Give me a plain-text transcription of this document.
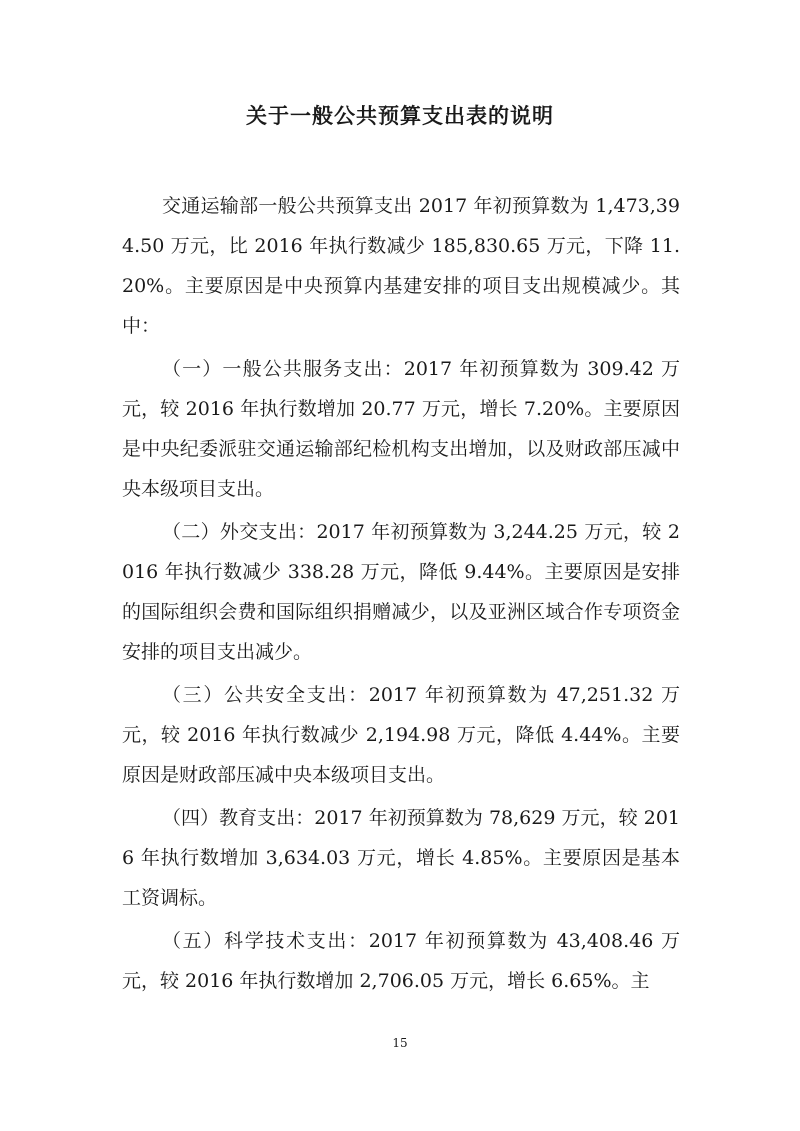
关于一般公共预算支出表的说明

交通运输部一般公共预算支出 2017 年初预算数为 1,473,394.50 万元，比 2016 年执行数减少 185,830.65 万元，下降 11.20%。主要原因是中央预算内基建安排的项目支出规模减少。其中：

（一）一般公共服务支出：2017 年初预算数为 309.42 万元，较 2016 年执行数增加 20.77 万元，增长 7.20%。主要原因是中央纪委派驻交通运输部纪检机构支出增加，以及财政部压减中央本级项目支出。

（二）外交支出：2017 年初预算数为 3,244.25 万元，较 2016 年执行数减少 338.28 万元，降低 9.44%。主要原因是安排的国际组织会费和国际组织捐赠减少，以及亚洲区域合作专项资金安排的项目支出减少。

（三）公共安全支出：2017 年初预算数为 47,251.32 万元，较 2016 年执行数减少 2,194.98 万元，降低 4.44%。主要原因是财政部压减中央本级项目支出。

（四）教育支出：2017 年初预算数为 78,629 万元，较 2016 年执行数增加 3,634.03 万元，增长 4.85%。主要原因是基本工资调标。

（五）科学技术支出：2017 年初预算数为 43,408.46 万元，较 2016 年执行数增加 2,706.05 万元，增长 6.65%。主

15
